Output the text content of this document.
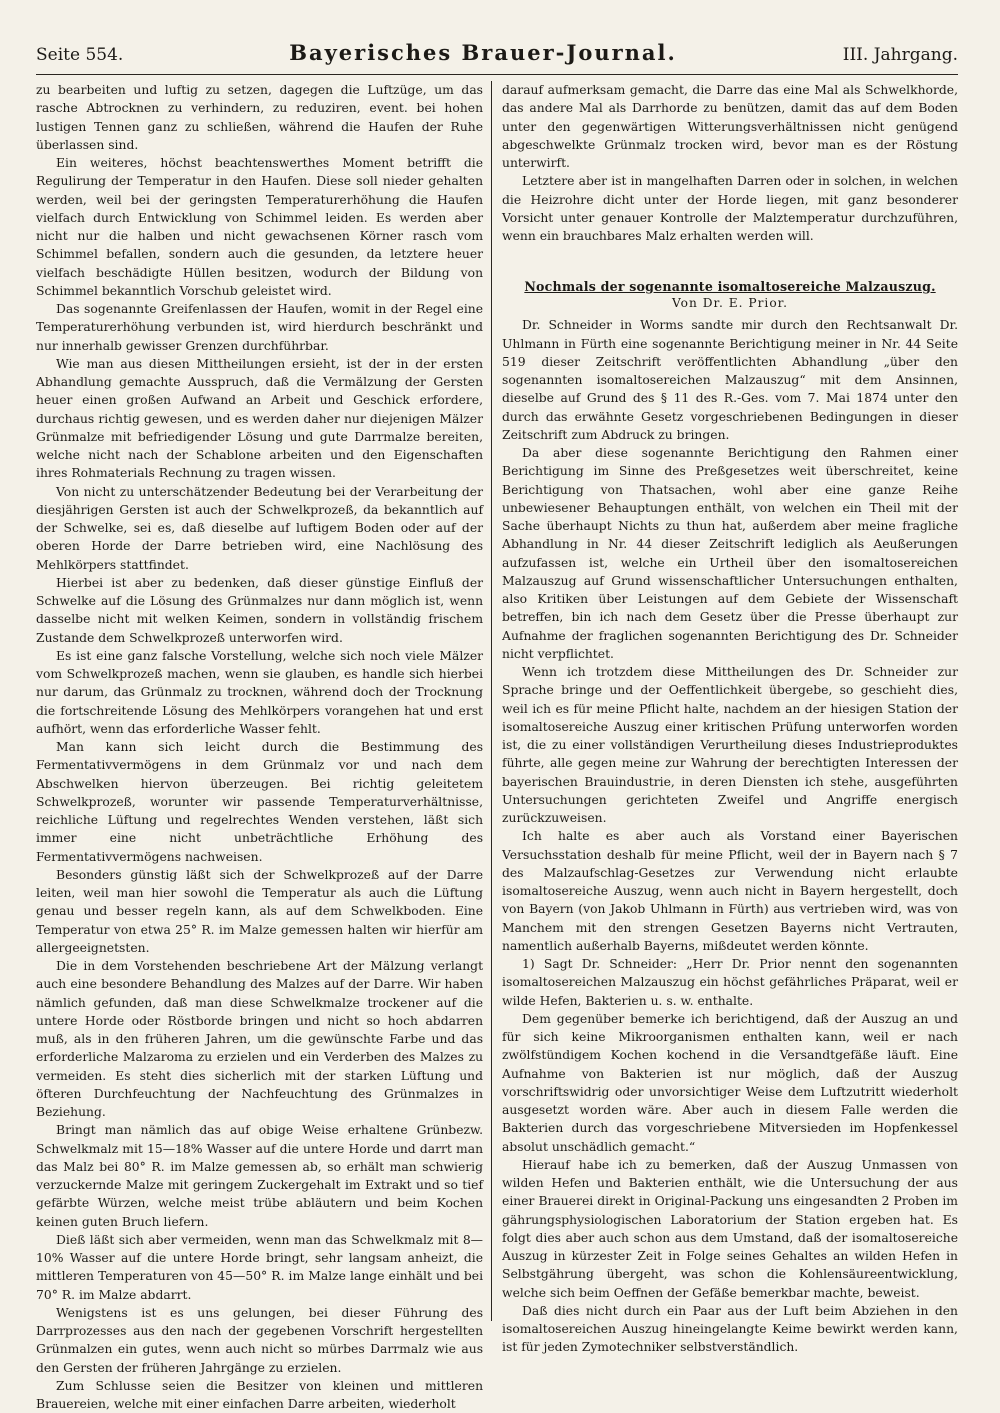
Seite 554.	Bayerisches Brauer-Journal.	III. Jahrgang.

zu bearbeiten und luftig zu setzen, dagegen die Luftzüge, um das rasche Abtrocknen zu verhindern, zu reduziren, event. bei hohen lustigen Tennen ganz zu schließen, während die Haufen der Ruhe überlassen sind.

Ein weiteres, höchst beachtenswerthes Moment betrifft die Regulirung der Temperatur in den Haufen. Diese soll nieder gehalten werden, weil bei der geringsten Temperaturerhöhung die Haufen vielfach durch Entwicklung von Schimmel leiden. Es werden aber nicht nur die halben und nicht gewachsenen Körner rasch vom Schimmel befallen, sondern auch die gesunden, da letztere heuer vielfach beschädigte Hüllen besitzen, wodurch der Bildung von Schimmel bekanntlich Vorschub geleistet wird.

Das sogenannte Greifenlassen der Haufen, womit in der Regel eine Temperaturerhöhung verbunden ist, wird hierdurch beschränkt und nur innerhalb gewisser Grenzen durchführbar.

Wie man aus diesen Mittheilungen ersieht, ist der in der ersten Abhandlung gemachte Ausspruch, daß die Vermälzung der Gersten heuer einen großen Aufwand an Arbeit und Geschick erfordere, durchaus richtig gewesen, und es werden daher nur diejenigen Mälzer Grünmalze mit befriedigender Lösung und gute Darrmalze bereiten, welche nicht nach der Schablone arbeiten und den Eigenschaften ihres Rohmaterials Rechnung zu tragen wissen.

Von nicht zu unterschätzender Bedeutung bei der Verarbeitung der diesjährigen Gersten ist auch der Schwelkprozeß, da bekanntlich auf der Schwelke, sei es, daß dieselbe auf luftigem Boden oder auf der oberen Horde der Darre betrieben wird, eine Nachlösung des Mehlkörpers stattfindet.

Hierbei ist aber zu bedenken, daß dieser günstige Einfluß der Schwelke auf die Lösung des Grünmalzes nur dann möglich ist, wenn dasselbe nicht mit welken Keimen, sondern in vollständig frischem Zustande dem Schwelkprozeß unterworfen wird.

Es ist eine ganz falsche Vorstellung, welche sich noch viele Mälzer vom Schwelkprozeß machen, wenn sie glauben, es handle sich hierbei nur darum, das Grünmalz zu trocknen, während doch der Trocknung die fortschreitende Lösung des Mehlkörpers vorangehen hat und erst aufhört, wenn das erforderliche Wasser fehlt.

Man kann sich leicht durch die Bestimmung des Fermentativvermögens in dem Grünmalz vor und nach dem Abschwelken hiervon überzeugen. Bei richtig geleitetem Schwelkprozeß, worunter wir passende Temperaturverhältnisse, reichliche Lüftung und regelrechtes Wenden verstehen, läßt sich immer eine nicht unbeträchtliche Erhöhung des Fermentativvermögens nachweisen.

Besonders günstig läßt sich der Schwelkprozeß auf der Darre leiten, weil man hier sowohl die Temperatur als auch die Lüftung genau und besser regeln kann, als auf dem Schwelkboden. Eine Temperatur von etwa 25° R. im Malze gemessen halten wir hierfür am allergeeignetsten.

Die in dem Vorstehenden beschriebene Art der Mälzung verlangt auch eine besondere Behandlung des Malzes auf der Darre. Wir haben nämlich gefunden, daß man diese Schwelkmalze trockener auf die untere Horde oder Röstborde bringen und nicht so hoch abdarren muß, als in den früheren Jahren, um die gewünschte Farbe und das erforderliche Malzaroma zu erzielen und ein Verderben des Malzes zu vermeiden. Es steht dies sicherlich mit der starken Lüftung und öfteren Durchfeuchtung der Nachfeuchtung des Grünmalzes in Beziehung.

Bringt man nämlich das auf obige Weise erhaltene Grünbezw. Schwelkmalz mit 15—18% Wasser auf die untere Horde und darrt man das Malz bei 80° R. im Malze gemessen ab, so erhält man schwierig verzuckernde Malze mit geringem Zuckergehalt im Extrakt und so tief gefärbte Würzen, welche meist trübe abläutern und beim Kochen keinen guten Bruch liefern.

Dieß läßt sich aber vermeiden, wenn man das Schwelkmalz mit 8—10% Wasser auf die untere Horde bringt, sehr langsam anheizt, die mittleren Temperaturen von 45—50° R. im Malze lange einhält und bei 70° R. im Malze abdarrt.

Wenigstens ist es uns gelungen, bei dieser Führung des Darrprozesses aus den nach der gegebenen Vorschrift hergestellten Grünmalzen ein gutes, wenn auch nicht so mürbes Darrmalz wie aus den Gersten der früheren Jahrgänge zu erzielen.

Zum Schlusse seien die Besitzer von kleinen und mittleren Brauereien, welche mit einer einfachen Darre arbeiten, wiederholt

darauf aufmerksam gemacht, die Darre das eine Mal als Schwelkhorde, das andere Mal als Darrhorde zu benützen, damit das auf dem Boden unter den gegenwärtigen Witterungsverhältnissen nicht genügend abgeschwelkte Grünmalz trocken wird, bevor man es der Röstung unterwirft.

Letztere aber ist in mangelhaften Darren oder in solchen, in welchen die Heizrohre dicht unter der Horde liegen, mit ganz besonderer Vorsicht unter genauer Kontrolle der Malztemperatur durchzuführen, wenn ein brauchbares Malz erhalten werden will.

Nochmals der sogenannte isomaltosereiche Malzauszug.
Von Dr. E. Prior.

Dr. Schneider in Worms sandte mir durch den Rechtsanwalt Dr. Uhlmann in Fürth eine sogenannte Berichtigung meiner in Nr. 44 Seite 519 dieser Zeitschrift veröffentlichten Abhandlung „über den sogenannten isomaltosereichen Malzauszug“ mit dem Ansinnen, dieselbe auf Grund des § 11 des R.-Ges. vom 7. Mai 1874 unter den durch das erwähnte Gesetz vorgeschriebenen Bedingungen in dieser Zeitschrift zum Abdruck zu bringen.

Da aber diese sogenannte Berichtigung den Rahmen einer Berichtigung im Sinne des Preßgesetzes weit überschreitet, keine Berichtigung von Thatsachen, wohl aber eine ganze Reihe unbewiesener Behauptungen enthält, von welchen ein Theil mit der Sache überhaupt Nichts zu thun hat, außerdem aber meine fragliche Abhandlung in Nr. 44 dieser Zeitschrift lediglich als Aeußerungen aufzufassen ist, welche ein Urtheil über den isomaltosereichen Malzauszug auf Grund wissenschaftlicher Untersuchungen enthalten, also Kritiken über Leistungen auf dem Gebiete der Wissenschaft betreffen, bin ich nach dem Gesetz über die Presse überhaupt zur Aufnahme der fraglichen sogenannten Berichtigung des Dr. Schneider nicht verpflichtet.

Wenn ich trotzdem diese Mittheilungen des Dr. Schneider zur Sprache bringe und der Oeffentlichkeit übergebe, so geschieht dies, weil ich es für meine Pflicht halte, nachdem an der hiesigen Station der isomaltosereiche Auszug einer kritischen Prüfung unterworfen worden ist, die zu einer vollständigen Verurtheilung dieses Industrieproduktes führte, alle gegen meine zur Wahrung der berechtigten Interessen der bayerischen Brauindustrie, in deren Diensten ich stehe, ausgeführten Untersuchungen gerichteten Zweifel und Angriffe energisch zurückzuweisen.

Ich halte es aber auch als Vorstand einer Bayerischen Versuchsstation deshalb für meine Pflicht, weil der in Bayern nach § 7 des Malzaufschlag-Gesetzes zur Verwendung nicht erlaubte isomaltosereiche Auszug, wenn auch nicht in Bayern hergestellt, doch von Bayern (von Jakob Uhlmann in Fürth) aus vertrieben wird, was von Manchem mit den strengen Gesetzen Bayerns nicht Vertrauten, namentlich außerhalb Bayerns, mißdeutet werden könnte.

1) Sagt Dr. Schneider: „Herr Dr. Prior nennt den sogenannten isomaltosereichen Malzauszug ein höchst gefährliches Präparat, weil er wilde Hefen, Bakterien u. s. w. enthalte.

Dem gegenüber bemerke ich berichtigend, daß der Auszug an und für sich keine Mikroorganismen enthalten kann, weil er nach zwölfstündigem Kochen kochend in die Versandtgefäße läuft. Eine Aufnahme von Bakterien ist nur möglich, daß der Auszug vorschriftswidrig oder unvorsichtiger Weise dem Luftzutritt wiederholt ausgesetzt worden wäre. Aber auch in diesem Falle werden die Bakterien durch das vorgeschriebene Mitversieden im Hopfenkessel absolut unschädlich gemacht.“

Hierauf habe ich zu bemerken, daß der Auszug Unmassen von wilden Hefen und Bakterien enthält, wie die Untersuchung der aus einer Brauerei direkt in Original-Packung uns eingesandten 2 Proben im gährungsphysiologischen Laboratorium der Station ergeben hat. Es folgt dies aber auch schon aus dem Umstand, daß der isomaltosereiche Auszug in kürzester Zeit in Folge seines Gehaltes an wilden Hefen in Selbstgährung übergeht, was schon die Kohlensäureentwicklung, welche sich beim Oeffnen der Gefäße bemerkbar machte, beweist.

Daß dies nicht durch ein Paar aus der Luft beim Abziehen in den isomaltosereichen Auszug hineingelangte Keime bewirkt werden kann, ist für jeden Zymotechniker selbstverständlich.
